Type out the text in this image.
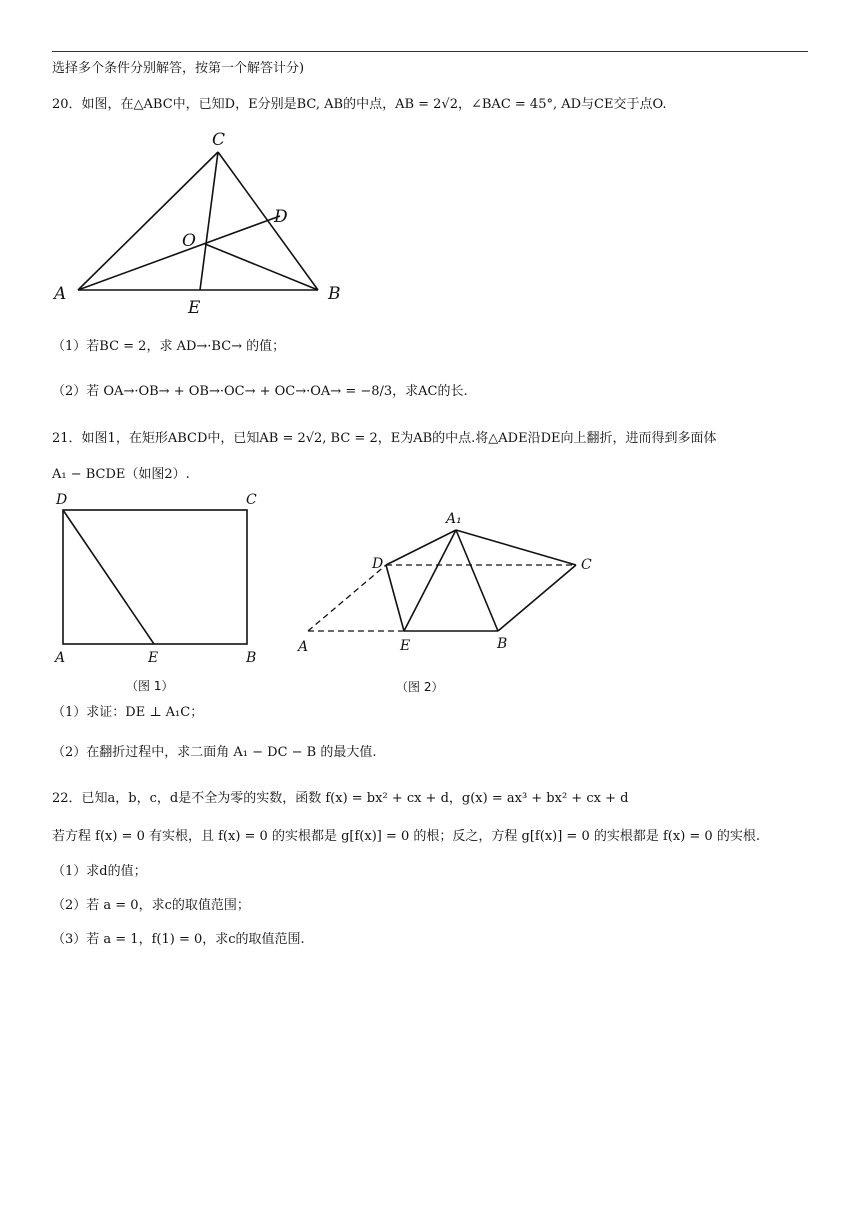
选择多个条件分别解答，按第一个解答计分)
20．如图，在△ABC中，已知D，E分别是BC, AB的中点，AB = 2√2，∠BAC = 45°, AD与CE交于点O.
C
D
O
A	B
E
（1）若BC = 2，求 AD→·BC→ 的值；
（2）若 OA→·OB→ + OB→·OC→ + OC→·OA→ = −8/3，求AC的长.
21．如图1，在矩形ABCD中，已知AB = 2√2, BC = 2，E为AB的中点.将△ADE沿DE向上翻折，进而得到多面体
A₁ − BCDE（如图2）.
D	C
A	E	B
（图 1）
A₁
D	C
A	E	B
（图 2）
（1）求证：DE ⊥ A₁C；
（2）在翻折过程中，求二面角 A₁ − DC − B 的最大值.
22．已知a，b，c，d是不全为零的实数，函数 f(x) = bx² + cx + d，g(x) = ax³ + bx² + cx + d
若方程 f(x) = 0 有实根，且 f(x) = 0 的实根都是 g[f(x)] = 0 的根；反之，方程 g[f(x)] = 0 的实根都是 f(x) = 0 的实根.
（1）求d的值；
（2）若 a = 0，求c的取值范围；
（3）若 a = 1，f(1) = 0，求c的取值范围.
